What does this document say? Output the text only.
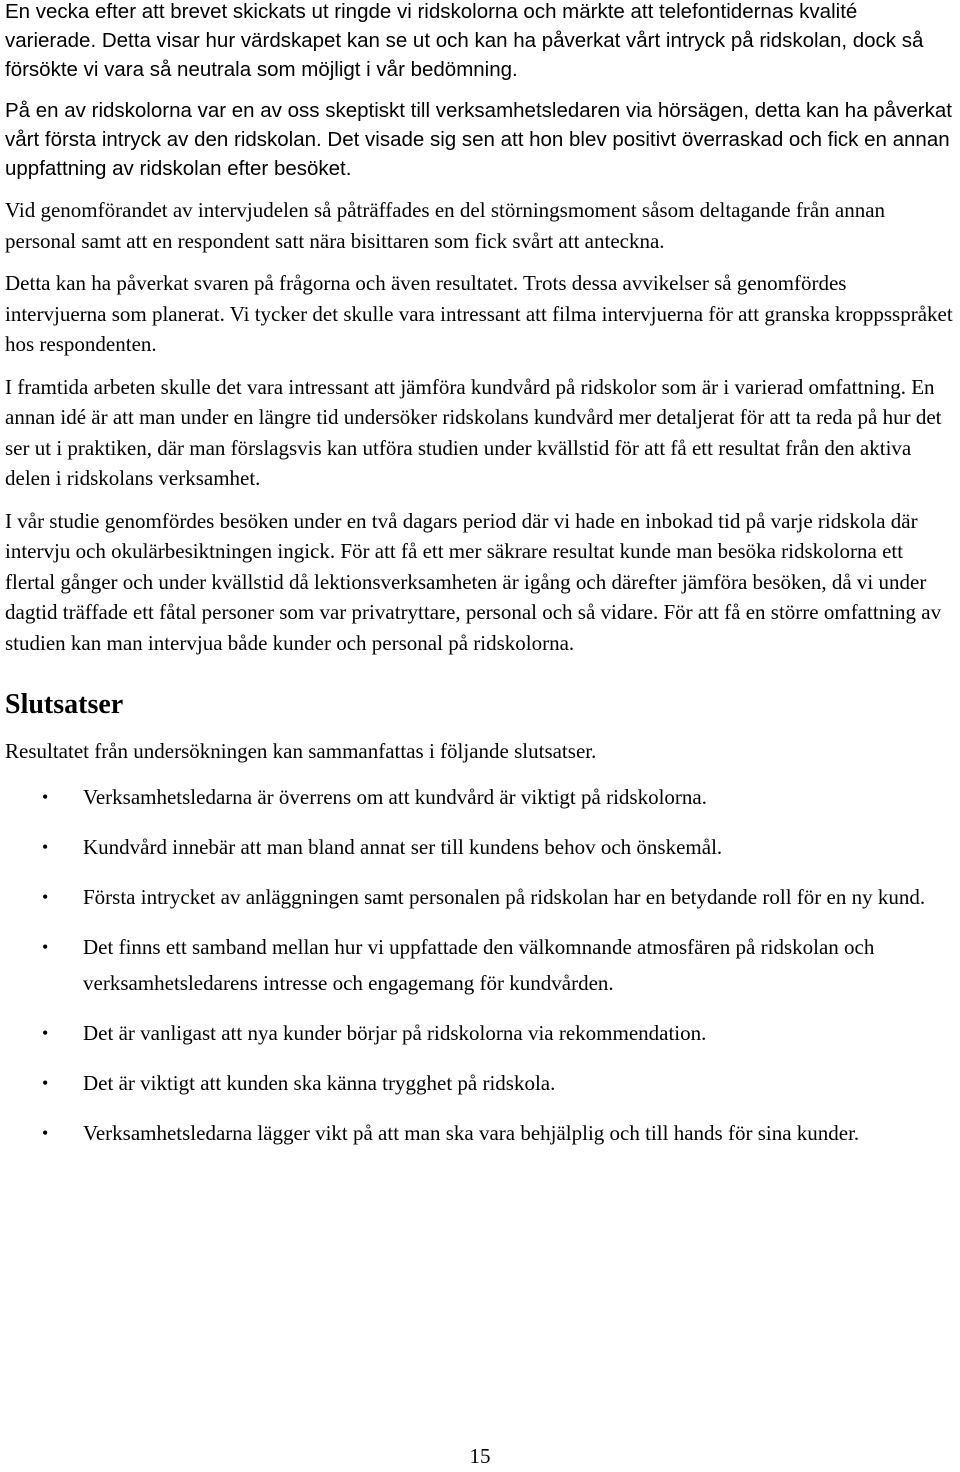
En vecka efter att brevet skickats ut ringde vi ridskolorna och märkte att telefontidernas kvalité varierade. Detta visar hur värdskapet kan se ut och kan ha påverkat vårt intryck på ridskolan, dock så försökte vi vara så neutrala som möjligt i vår bedömning.

På en av ridskolorna var en av oss skeptiskt till verksamhetsledaren via hörsägen, detta kan ha påverkat vårt första intryck av den ridskolan. Det visade sig sen att hon blev positivt överraskad och fick en annan uppfattning av ridskolan efter besöket.

Vid genomförandet av intervjudelen så påträffades en del störningsmoment såsom deltagande från annan personal samt att en respondent satt nära bisittaren som fick svårt att anteckna.

Detta kan ha påverkat svaren på frågorna och även resultatet. Trots dessa avvikelser så genomfördes intervjuerna som planerat. Vi tycker det skulle vara intressant att filma intervjuerna för att granska kroppsspråket hos respondenten.

I framtida arbeten skulle det vara intressant att jämföra kundvård på ridskolor som är i varierad omfattning. En annan idé är att man under en längre tid undersöker ridskolans kundvård mer detaljerat för att ta reda på hur det ser ut i praktiken, där man förslagsvis kan utföra studien under kvällstid för att få ett resultat från den aktiva delen i ridskolans verksamhet.

I vår studie genomfördes besöken under en två dagars period där vi hade en inbokad tid på varje ridskola där intervju och okulärbesiktningen ingick. För att få ett mer säkrare resultat kunde man besöka ridskolorna ett flertal gånger och under kvällstid då lektionsverksamheten är igång och därefter jämföra besöken, då vi under dagtid träffade ett fåtal personer som var privatryttare, personal och så vidare. För att få en större omfattning av studien kan man intervjua både kunder och personal på ridskolorna.

Slutsatser

Resultatet från undersökningen kan sammanfattas i följande slutsatser.

• Verksamhetsledarna är överrens om att kundvård är viktigt på ridskolorna.
• Kundvård innebär att man bland annat ser till kundens behov och önskemål.
• Första intrycket av anläggningen samt personalen på ridskolan har en betydande roll för en ny kund.
• Det finns ett samband mellan hur vi uppfattade den välkomnande atmosfären på ridskolan och verksamhetsledarens intresse och engagemang för kundvården.
• Det är vanligast att nya kunder börjar på ridskolorna via rekommendation.
• Det är viktigt att kunden ska känna trygghet på ridskola.
• Verksamhetsledarna lägger vikt på att man ska vara behjälplig och till hands för sina kunder.
15
